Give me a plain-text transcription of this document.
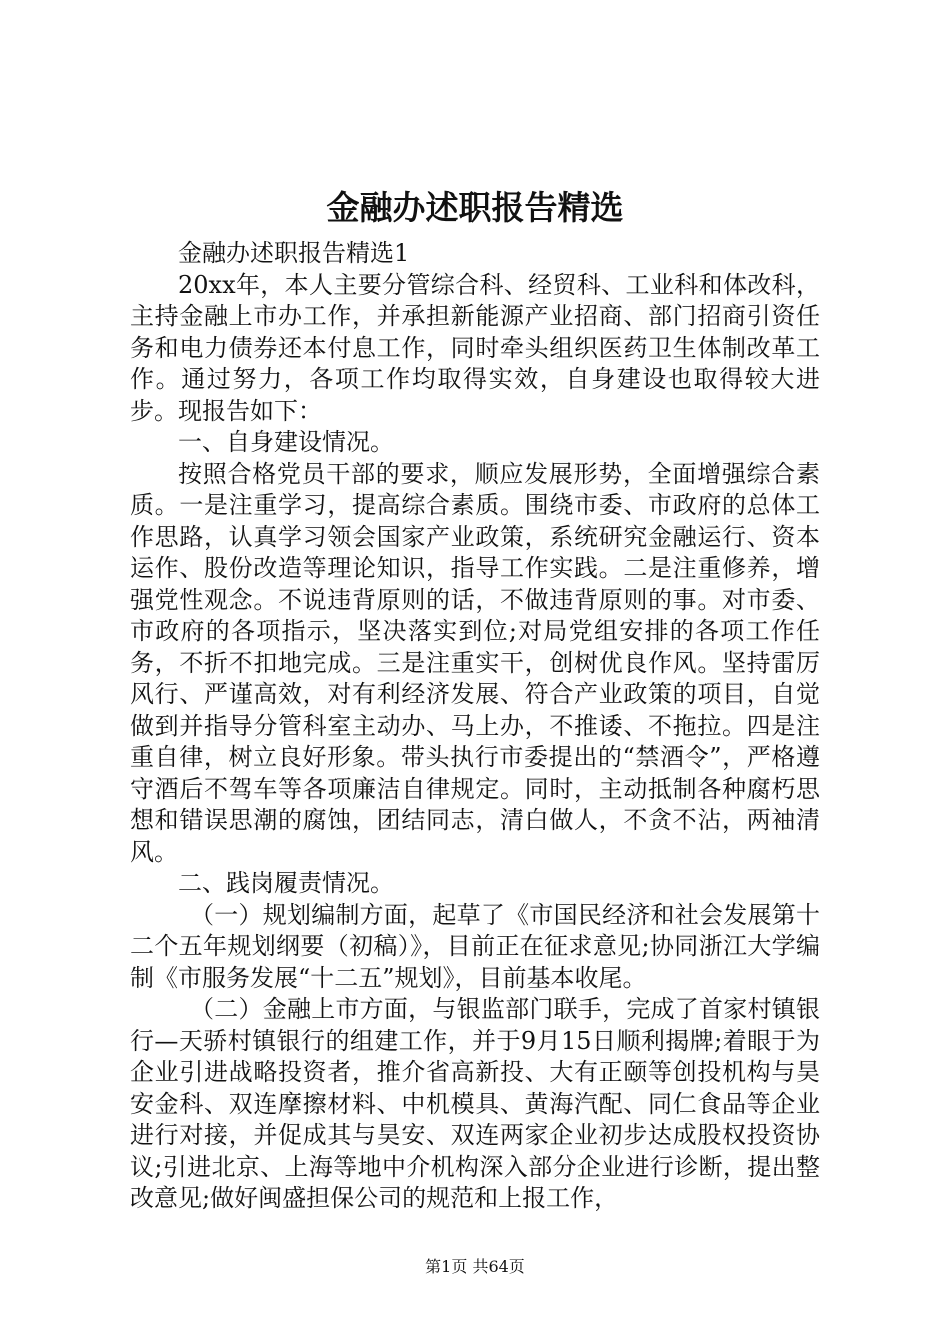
金融办述职报告精选

金融办述职报告精选1

20xx年，本人主要分管综合科、经贸科、工业科和体改科，主持金融上市办工作，并承担新能源产业招商、部门招商引资任务和电力债券还本付息工作，同时牵头组织医药卫生体制改革工作。通过努力，各项工作均取得实效，自身建设也取得较大进步。现报告如下：

一、自身建设情况。

按照合格党员干部的要求，顺应发展形势，全面增强综合素质。一是注重学习，提高综合素质。围绕市委、市政府的总体工作思路，认真学习领会国家产业政策，系统研究金融运行、资本运作、股份改造等理论知识，指导工作实践。二是注重修养，增强党性观念。不说违背原则的话，不做违背原则的事。对市委、市政府的各项指示，坚决落实到位;对局党组安排的各项工作任务，不折不扣地完成。三是注重实干，创树优良作风。坚持雷厉风行、严谨高效，对有利经济发展、符合产业政策的项目，自觉做到并指导分管科室主动办、马上办，不推诿、不拖拉。四是注重自律，树立良好形象。带头执行市委提出的“禁酒令”，严格遵守酒后不驾车等各项廉洁自律规定。同时，主动抵制各种腐朽思想和错误思潮的腐蚀，团结同志，清白做人，不贪不沾，两袖清风。

二、践岗履责情况。

（一）规划编制方面，起草了《市国民经济和社会发展第十二个五年规划纲要（初稿）》，目前正在征求意见;协同浙江大学编制《市服务发展“十二五”规划》，目前基本收尾。

（二）金融上市方面，与银监部门联手，完成了首家村镇银行—天骄村镇银行的组建工作，并于9月15日顺利揭牌;着眼于为企业引进战略投资者，推介省高新投、大有正颐等创投机构与昊安金科、双连摩擦材料、中机模具、黄海汽配、同仁食品等企业进行对接，并促成其与昊安、双连两家企业初步达成股权投资协议;引进北京、上海等地中介机构深入部分企业进行诊断，提出整改意见;做好闽盛担保公司的规范和上报工作，

第1页 共64页
